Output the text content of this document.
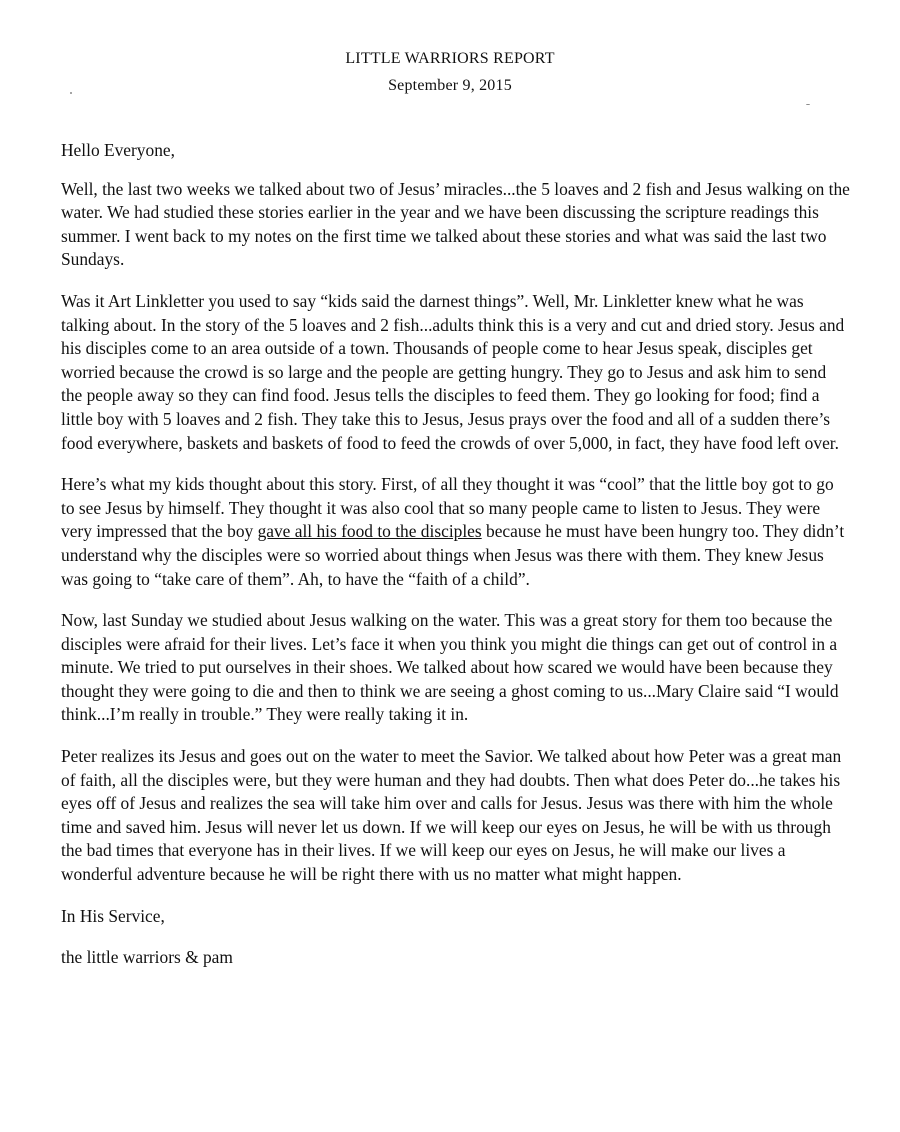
LITTLE WARRIORS REPORT
September 9, 2015

Hello Everyone,

Well, the last two weeks we talked about two of Jesus’ miracles...the 5 loaves and 2 fish and Jesus walking on the water. We had studied these stories earlier in the year and we have been discussing the scripture readings this summer. I went back to my notes on the first time we talked about these stories and what was said the last two Sundays.

Was it Art Linkletter you used to say “kids said the darnest things”. Well, Mr. Linkletter knew what he was talking about. In the story of the 5 loaves and 2 fish...adults think this is a very and cut and dried story. Jesus and his disciples come to an area outside of a town. Thousands of people come to hear Jesus speak, disciples get worried because the crowd is so large and the people are getting hungry. They go to Jesus and ask him to send the people away so they can find food. Jesus tells the disciples to feed them. They go looking for food; find a little boy with 5 loaves and 2 fish. They take this to Jesus, Jesus prays over the food and all of a sudden there’s food everywhere, baskets and baskets of food to feed the crowds of over 5,000, in fact, they have food left over.

Here’s what my kids thought about this story. First, of all they thought it was “cool” that the little boy got to go to see Jesus by himself. They thought it was also cool that so many people came to listen to Jesus. They were very impressed that the boy gave all his food to the disciples because he must have been hungry too. They didn’t understand why the disciples were so worried about things when Jesus was there with them. They knew Jesus was going to “take care of them”. Ah, to have the “faith of a child”.

Now, last Sunday we studied about Jesus walking on the water. This was a great story for them too because the disciples were afraid for their lives. Let’s face it when you think you might die things can get out of control in a minute. We tried to put ourselves in their shoes. We talked about how scared we would have been because they thought they were going to die and then to think we are seeing a ghost coming to us...Mary Claire said “I would think...I’m really in trouble.” They were really taking it in.

Peter realizes its Jesus and goes out on the water to meet the Savior. We talked about how Peter was a great man of faith, all the disciples were, but they were human and they had doubts. Then what does Peter do...he takes his eyes off of Jesus and realizes the sea will take him over and calls for Jesus. Jesus was there with him the whole time and saved him. Jesus will never let us down. If we will keep our eyes on Jesus, he will be with us through the bad times that everyone has in their lives. If we will keep our eyes on Jesus, he will make our lives a wonderful adventure because he will be right there with us no matter what might happen.

In His Service,

the little warriors & pam
